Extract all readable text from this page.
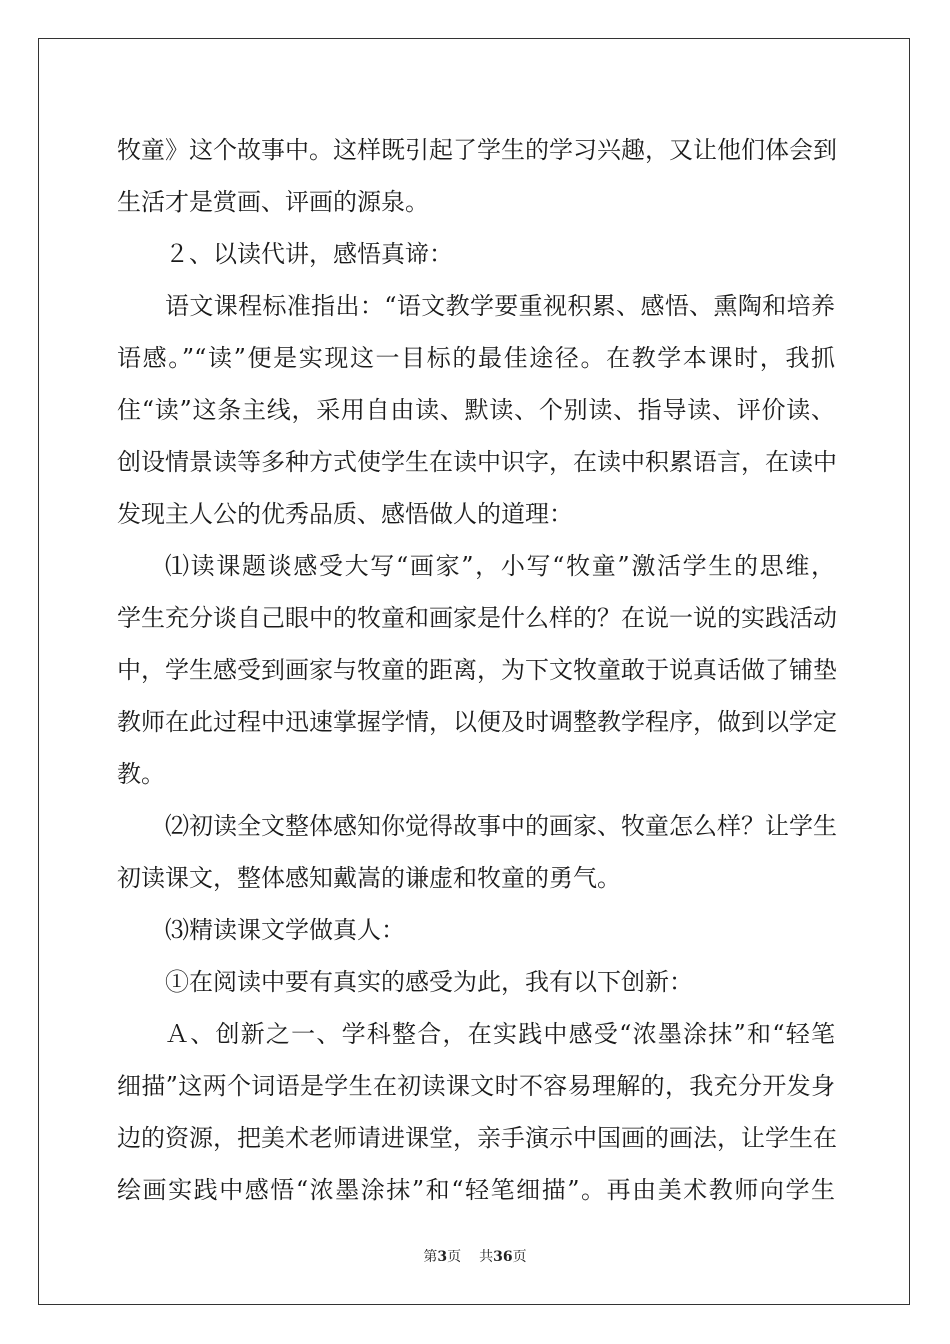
牧童》这个故事中。这样既引起了学生的学习兴趣，又让他们体会到
生活才是赏画、评画的源泉。
２、以读代讲，感悟真谛：
语文课程标准指出：“语文教学要重视积累、感悟、熏陶和培养
语感。”“读”便是实现这一目标的最佳途径。在教学本课时，我抓
住“读”这条主线，采用自由读、默读、个别读、指导读、评价读、
创设情景读等多种方式使学生在读中识字，在读中积累语言，在读中
发现主人公的优秀品质、感悟做人的道理：
⑴读课题谈感受大写“画家”，小写“牧童”激活学生的思维，
学生充分谈自己眼中的牧童和画家是什么样的？在说一说的实践活动
中，学生感受到画家与牧童的距离，为下文牧童敢于说真话做了铺垫
教师在此过程中迅速掌握学情，以便及时调整教学程序，做到以学定
教。
⑵初读全文整体感知你觉得故事中的画家、牧童怎么样？让学生
初读课文，整体感知戴嵩的谦虚和牧童的勇气。
⑶精读课文学做真人：
①在阅读中要有真实的感受为此，我有以下创新：
Ａ、创新之一、学科整合，在实践中感受“浓墨涂抹”和“轻笔
细描”这两个词语是学生在初读课文时不容易理解的，我充分开发身
边的资源，把美术老师请进课堂，亲手演示中国画的画法，让学生在
绘画实践中感悟“浓墨涂抹”和“轻笔细描”。再由美术教师向学生
第3页 共36页
